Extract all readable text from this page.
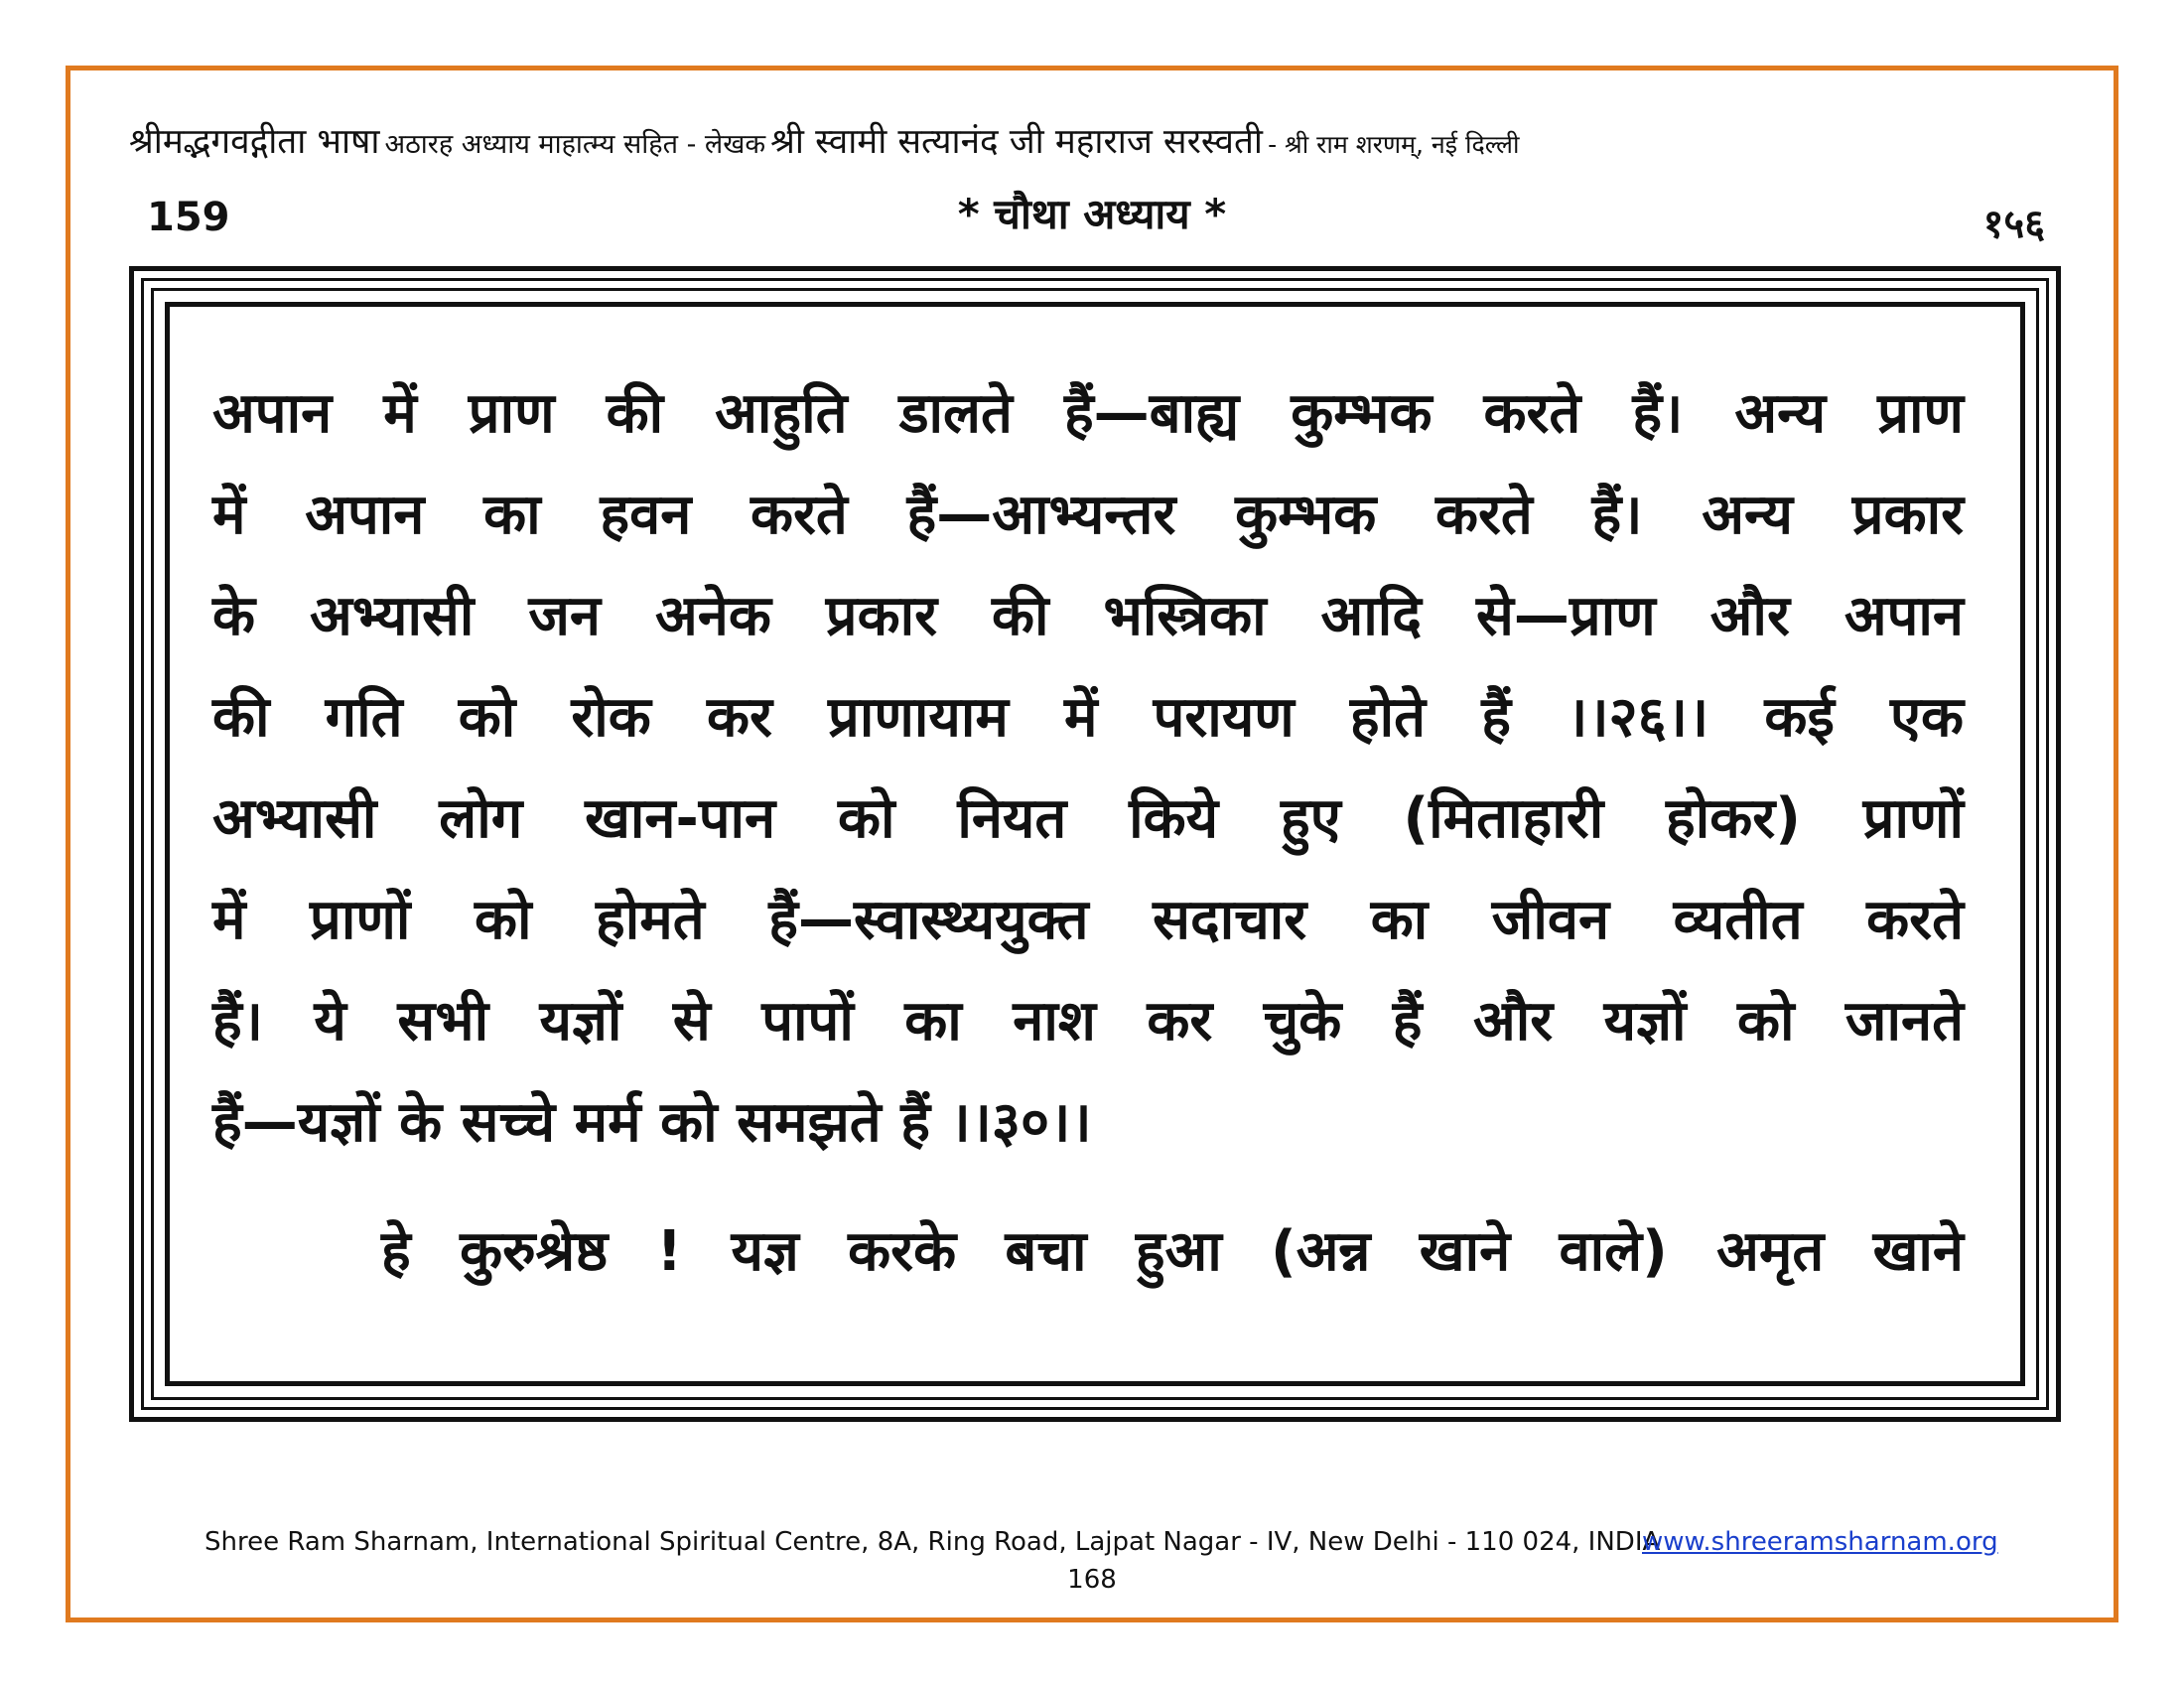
श्रीमद्भगवद्गीता भाषा अठारह अध्याय माहात्म्य सहित - लेखक श्री स्वामी सत्यानंद जी महाराज सरस्वती - श्री राम शरणम्, नई दिल्ली
159	* चौथा अध्याय *	१५६
अपान में प्राण की आहुति डालते हैं—बाह्य कुम्भक करते हैं। अन्य प्राण
में अपान का हवन करते हैं—आभ्यन्तर कुम्भक करते हैं। अन्य प्रकार
के अभ्यासी जन अनेक प्रकार की भस्त्रिका आदि से—प्राण और अपान
की गति को रोक कर प्राणायाम में परायण होते हैं ।।२६।। कई एक
अभ्यासी लोग खान-पान को नियत किये हुए (मिताहारी होकर) प्राणों
में प्राणों को होमते हैं—स्वास्थ्ययुक्त सदाचार का जीवन व्यतीत करते
हैं। ये सभी यज्ञों से पापों का नाश कर चुके हैं और यज्ञों को जानते
हैं—यज्ञों के सच्चे मर्म को समझते हैं ।।३०।।
हे कुरुश्रेष्ठ ! यज्ञ करके बचा हुआ (अन्न खाने वाले) अमृत खाने
Shree Ram Sharnam, International Spiritual Centre, 8A, Ring Road, Lajpat Nagar - IV, New Delhi - 110 024, INDIA
www.shreeramsharnam.org
168
